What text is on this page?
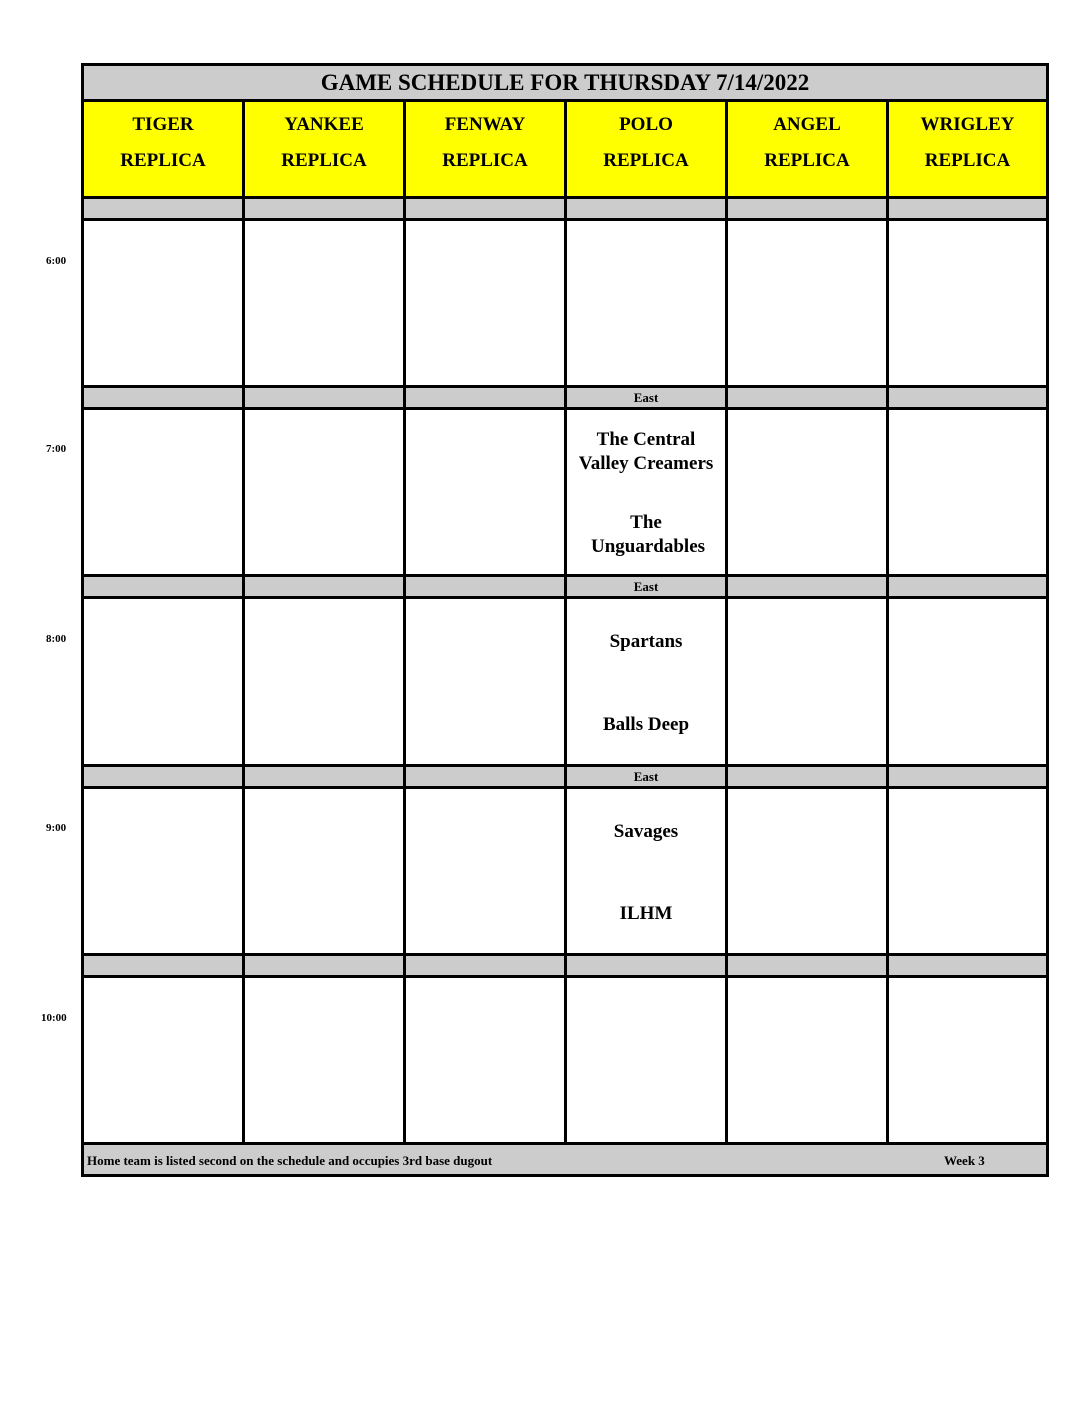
6:00
7:00
8:00
9:00
10:00
GAME SCHEDULE FOR THURSDAY 7/14/2022
TIGER
REPLICA
YANKEE
REPLICA
FENWAY
REPLICA
POLO
REPLICA
ANGEL
REPLICA
WRIGLEY
REPLICA
East
East
East
The Central Valley Creamers
The Unguardables
Spartans
Balls Deep
Savages
ILHM
Home team is listed second on the schedule and occupies 3rd base dugout	Week 3
